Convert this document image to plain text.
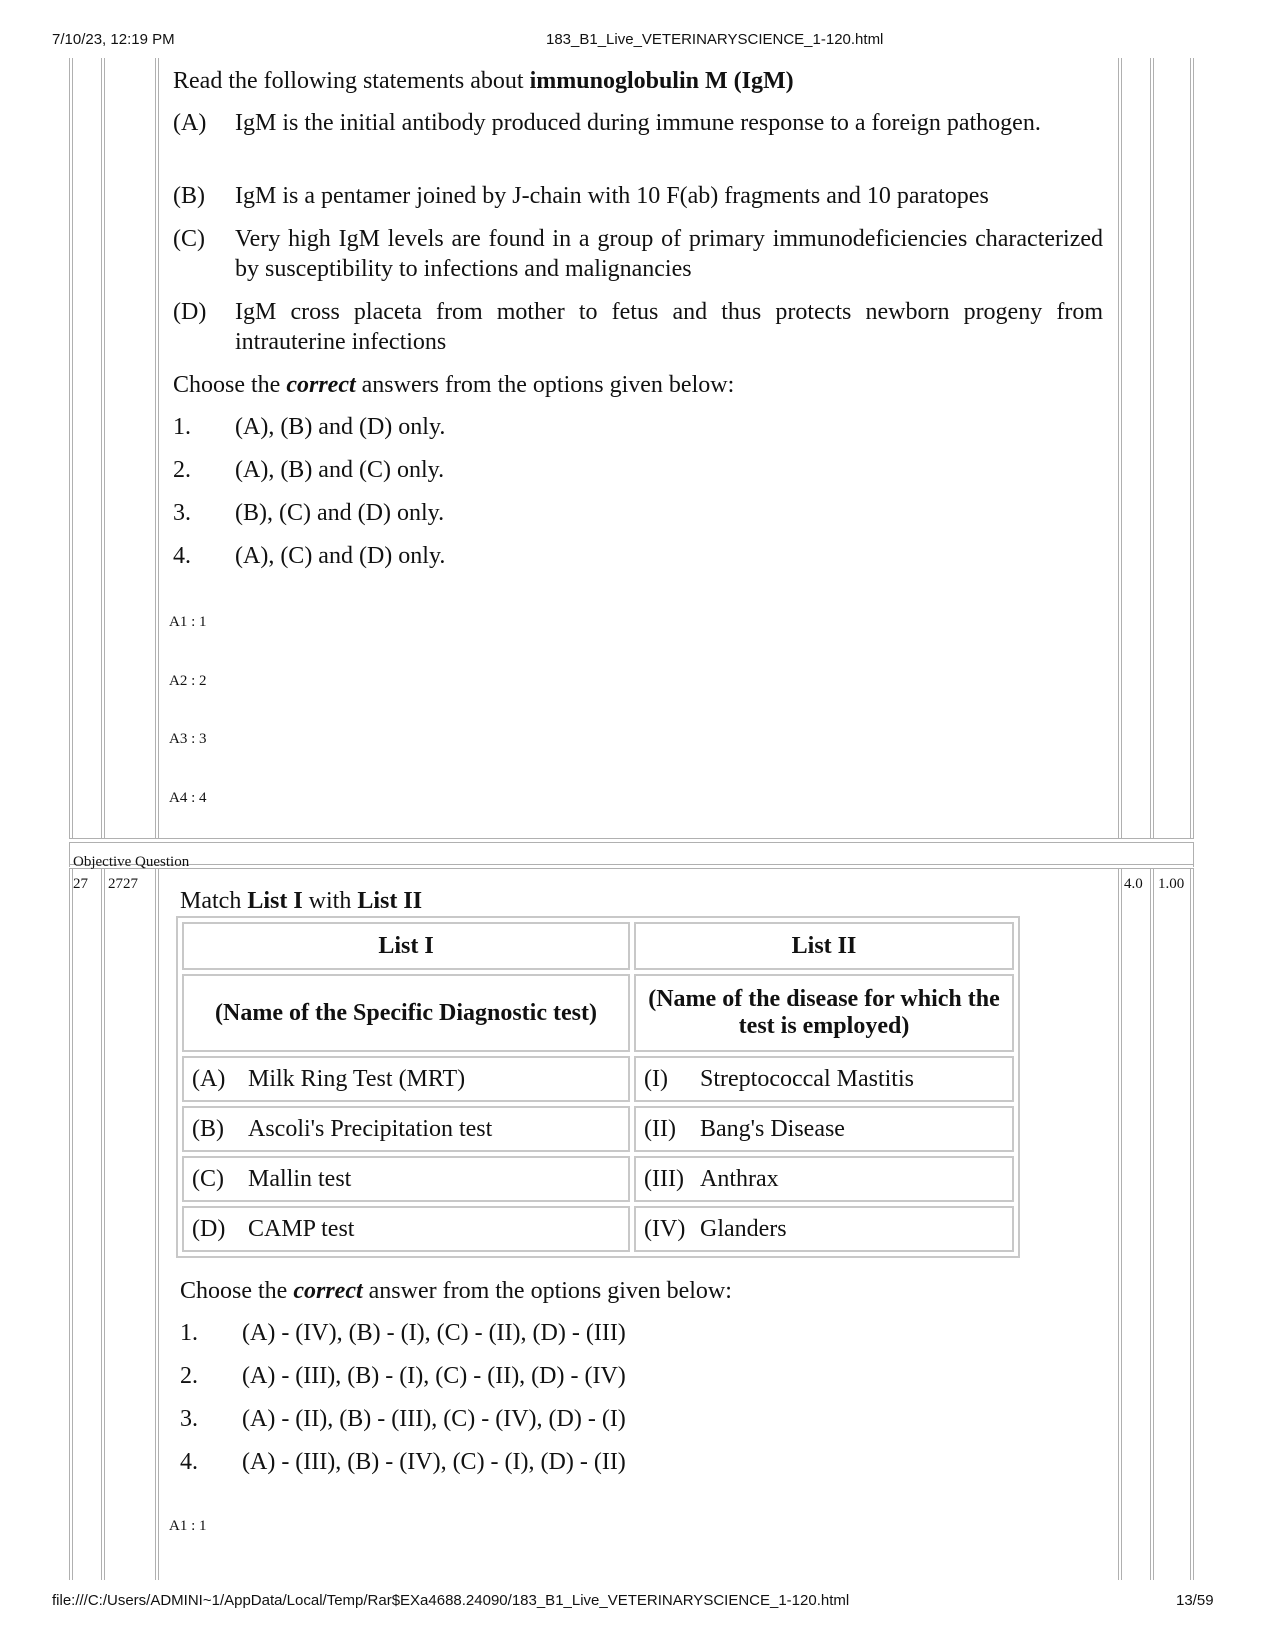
7/10/23, 12:19 PM	183_B1_Live_VETERINARYSCIENCE_1-120.html
Read the following statements about immunoglobulin M (IgM)
(A) IgM is the initial antibody produced during immune response to a foreign pathogen.
(B) IgM is a pentamer joined by J-chain with 10 F(ab) fragments and 10 paratopes
(C) Very high IgM levels are found in a group of primary immunodeficiencies characterized by susceptibility to infections and malignancies
(D) IgM cross placeta from mother to fetus and thus protects newborn progeny from intrauterine infections
Choose the correct answers from the options given below:
1. (A), (B) and (D) only.
2. (A), (B) and (C) only.
3. (B), (C) and (D) only.
4. (A), (C) and (D) only.
A1 : 1
A2 : 2
A3 : 3
A4 : 4
Objective Question
27 2727	4.0 1.00
Match List I with List II
List I	List II
(Name of the Specific Diagnostic test)	(Name of the disease for which the test is employed)
(A) Milk Ring Test (MRT)	(I) Streptococcal Mastitis
(B) Ascoli's Precipitation test	(II) Bang's Disease
(C) Mallin test	(III) Anthrax
(D) CAMP test	(IV) Glanders
Choose the correct answer from the options given below:
1. (A) - (IV), (B) - (I), (C) - (II), (D) - (III)
2. (A) - (III), (B) - (I), (C) - (II), (D) - (IV)
3. (A) - (II), (B) - (III), (C) - (IV), (D) - (I)
4. (A) - (III), (B) - (IV), (C) - (I), (D) - (II)
A1 : 1
file:///C:/Users/ADMINI~1/AppData/Local/Temp/Rar$EXa4688.24090/183_B1_Live_VETERINARYSCIENCE_1-120.html	13/59
